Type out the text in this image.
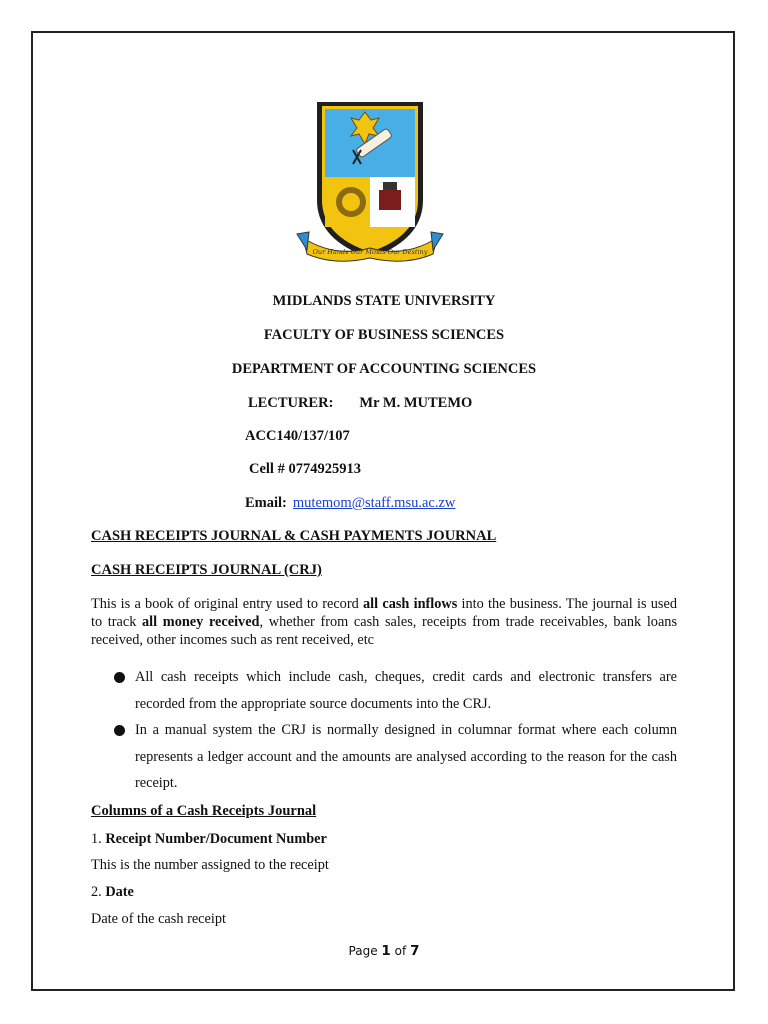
Our Hands Our Minds Our Destiny
MIDLANDS STATE UNIVERSITY
FACULTY OF BUSINESS SCIENCES
DEPARTMENT OF ACCOUNTING SCIENCES
LECTURER: Mr M. MUTEMO
ACC140/137/107
Cell # 0774925913
Email: mutemom@staff.msu.ac.zw
CASH RECEIPTS JOURNAL & CASH PAYMENTS JOURNAL
CASH RECEIPTS JOURNAL (CRJ)
This is a book of original entry used to record all cash inflows into the business. The journal is used to track all money received, whether from cash sales, receipts from trade receivables, bank loans received, other incomes such as rent received, etc
All cash receipts which include cash, cheques, credit cards and electronic transfers are recorded from the appropriate source documents into the CRJ.
In a manual system the CRJ is normally designed in columnar format where each column represents a ledger account and the amounts are analysed according to the reason for the cash receipt.
Columns of a Cash Receipts Journal
1. Receipt Number/Document Number
This is the number assigned to the receipt
2. Date
Date of the cash receipt
Page 1 of 7
